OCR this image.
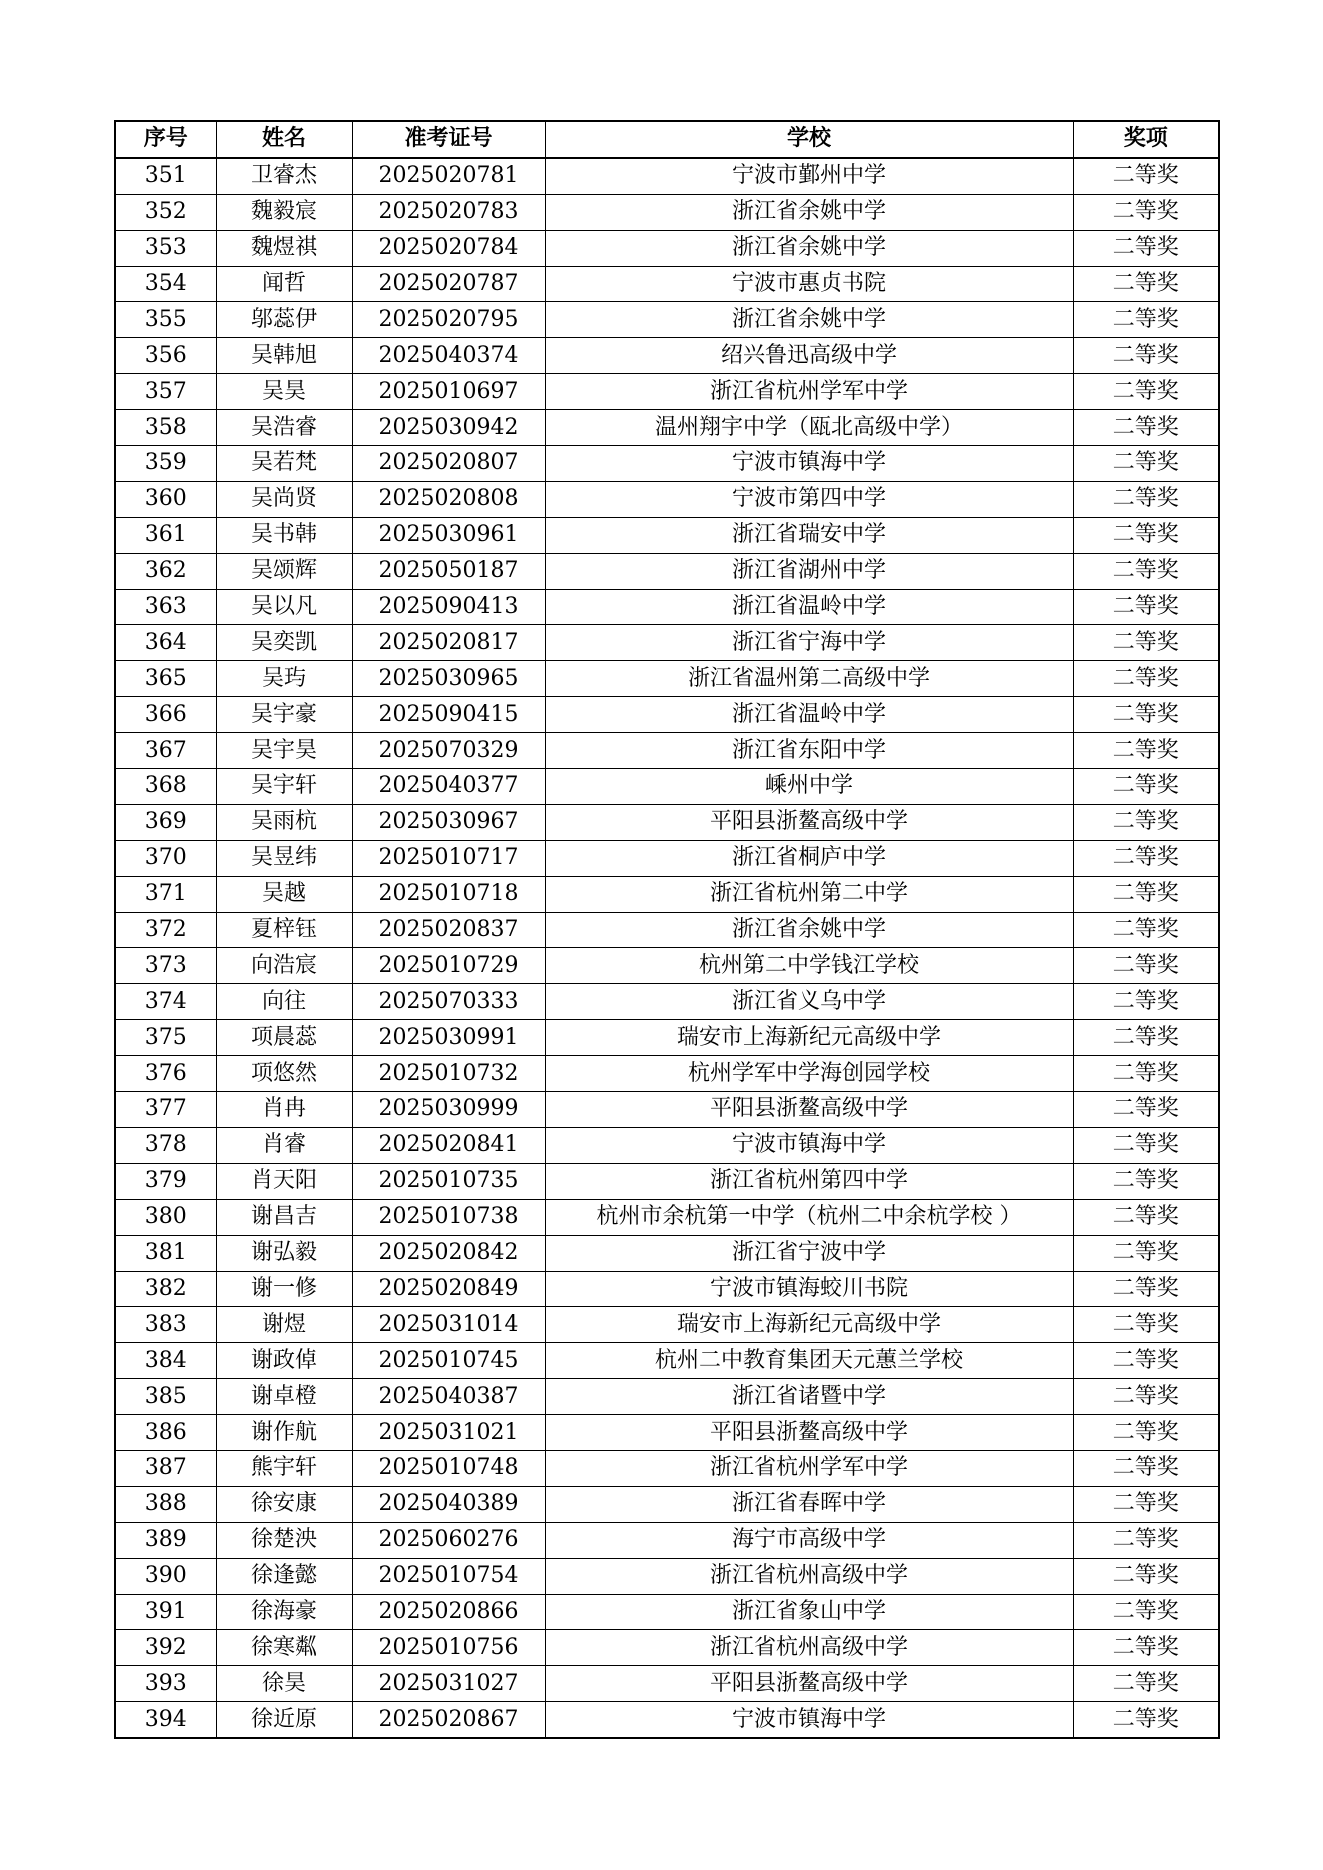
序号	姓名	准考证号	学校	奖项
351	卫睿杰	2025020781	宁波市鄞州中学	二等奖
352	魏毅宸	2025020783	浙江省余姚中学	二等奖
353	魏煜祺	2025020784	浙江省余姚中学	二等奖
354	闻哲	2025020787	宁波市惠贞书院	二等奖
355	邬蕊伊	2025020795	浙江省余姚中学	二等奖
356	吴韩旭	2025040374	绍兴鲁迅高级中学	二等奖
357	吴昊	2025010697	浙江省杭州学军中学	二等奖
358	吴浩睿	2025030942	温州翔宇中学（瓯北高级中学）	二等奖
359	吴若梵	2025020807	宁波市镇海中学	二等奖
360	吴尚贤	2025020808	宁波市第四中学	二等奖
361	吴书韩	2025030961	浙江省瑞安中学	二等奖
362	吴颂辉	2025050187	浙江省湖州中学	二等奖
363	吴以凡	2025090413	浙江省温岭中学	二等奖
364	吴奕凯	2025020817	浙江省宁海中学	二等奖
365	吴玙	2025030965	浙江省温州第二高级中学	二等奖
366	吴宇豪	2025090415	浙江省温岭中学	二等奖
367	吴宇昊	2025070329	浙江省东阳中学	二等奖
368	吴宇轩	2025040377	嵊州中学	二等奖
369	吴雨杭	2025030967	平阳县浙鳌高级中学	二等奖
370	吴昱纬	2025010717	浙江省桐庐中学	二等奖
371	吴越	2025010718	浙江省杭州第二中学	二等奖
372	夏梓钰	2025020837	浙江省余姚中学	二等奖
373	向浩宸	2025010729	杭州第二中学钱江学校	二等奖
374	向往	2025070333	浙江省义乌中学	二等奖
375	项晨蕊	2025030991	瑞安市上海新纪元高级中学	二等奖
376	项悠然	2025010732	杭州学军中学海创园学校	二等奖
377	肖冉	2025030999	平阳县浙鳌高级中学	二等奖
378	肖睿	2025020841	宁波市镇海中学	二等奖
379	肖天阳	2025010735	浙江省杭州第四中学	二等奖
380	谢昌吉	2025010738	杭州市余杭第一中学（杭州二中余杭学校 ）	二等奖
381	谢弘毅	2025020842	浙江省宁波中学	二等奖
382	谢一修	2025020849	宁波市镇海蛟川书院	二等奖
383	谢煜	2025031014	瑞安市上海新纪元高级中学	二等奖
384	谢政倬	2025010745	杭州二中教育集团天元蕙兰学校	二等奖
385	谢卓橙	2025040387	浙江省诸暨中学	二等奖
386	谢作航	2025031021	平阳县浙鳌高级中学	二等奖
387	熊宇轩	2025010748	浙江省杭州学军中学	二等奖
388	徐安康	2025040389	浙江省春晖中学	二等奖
389	徐楚泱	2025060276	海宁市高级中学	二等奖
390	徐逢懿	2025010754	浙江省杭州高级中学	二等奖
391	徐海豪	2025020866	浙江省象山中学	二等奖
392	徐寒粼	2025010756	浙江省杭州高级中学	二等奖
393	徐昊	2025031027	平阳县浙鳌高级中学	二等奖
394	徐近原	2025020867	宁波市镇海中学	二等奖
